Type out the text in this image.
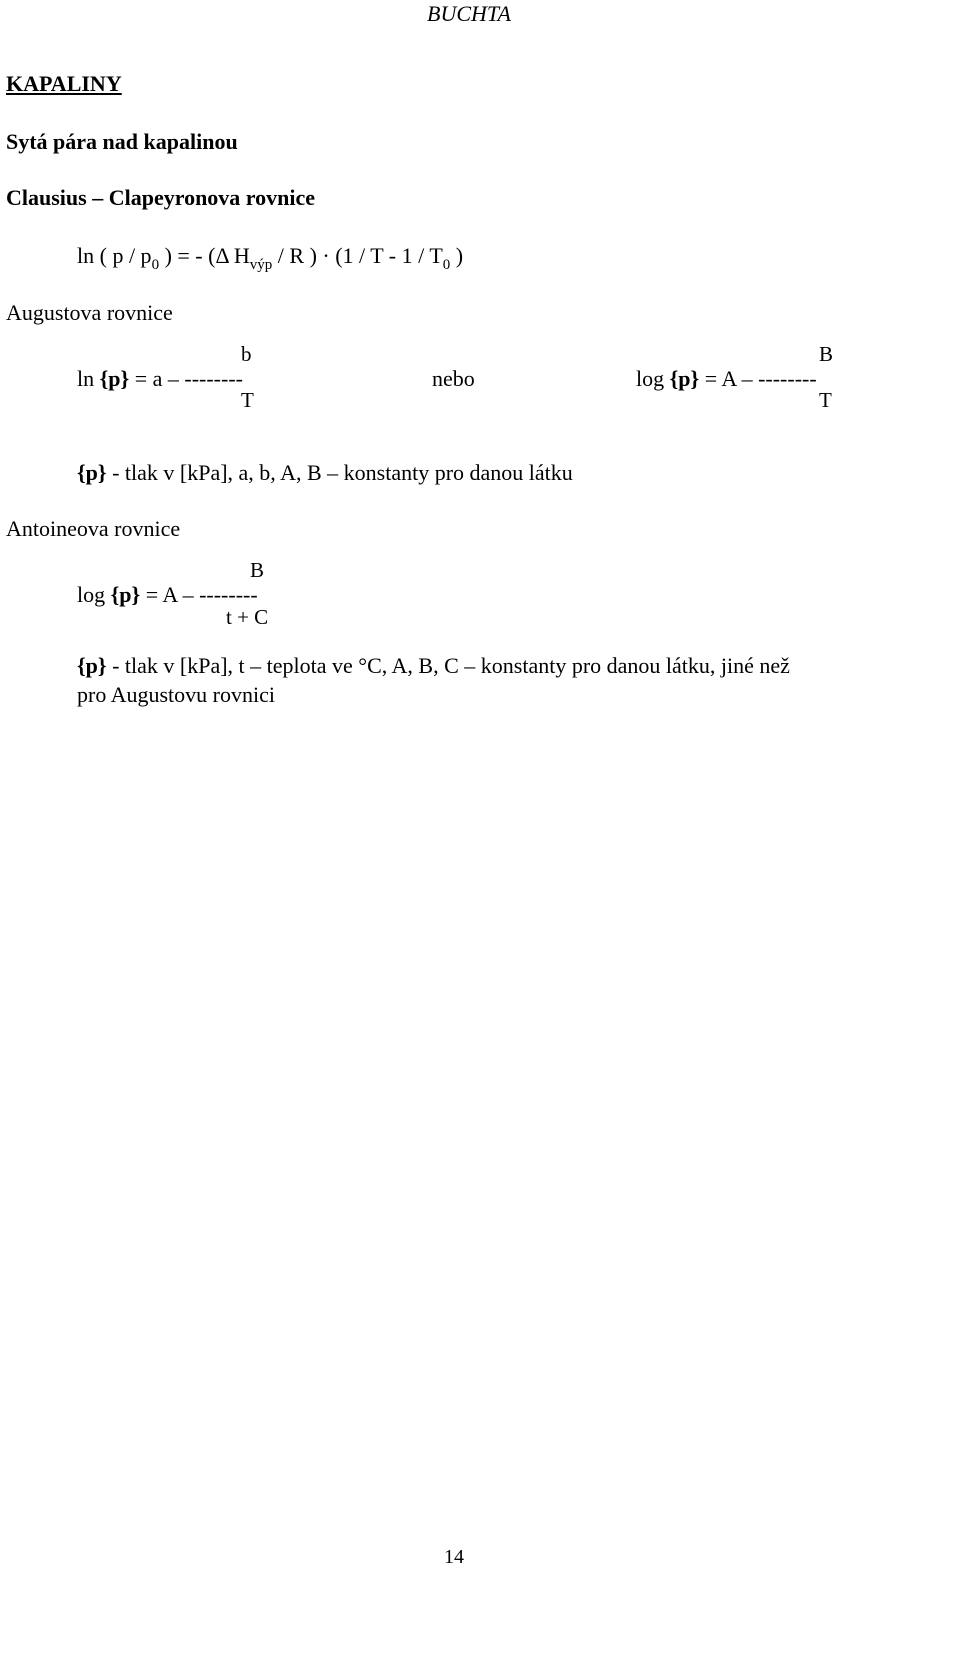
BUCHTA
KAPALINY
Sytá pára nad kapalinou
Clausius – Clapeyronova rovnice
ln ( p / $p_0$ ) = - (Δ $H_{výp}$ / R ) · (1 / T - $1 / T_0$ )
Augustova rovnice
b
ln {p} = a – --------
T
nebo
B
log {p} = A – --------
T
{p} - tlak v [kPa], a, b, A, B – konstanty pro danou látku
Antoineova rovnice
B
log {p} = A – --------
t + C
{p} - tlak v [kPa], t – teplota ve °C, A, B, C – konstanty pro danou látku, jiné než
pro Augustovu rovnici
14
